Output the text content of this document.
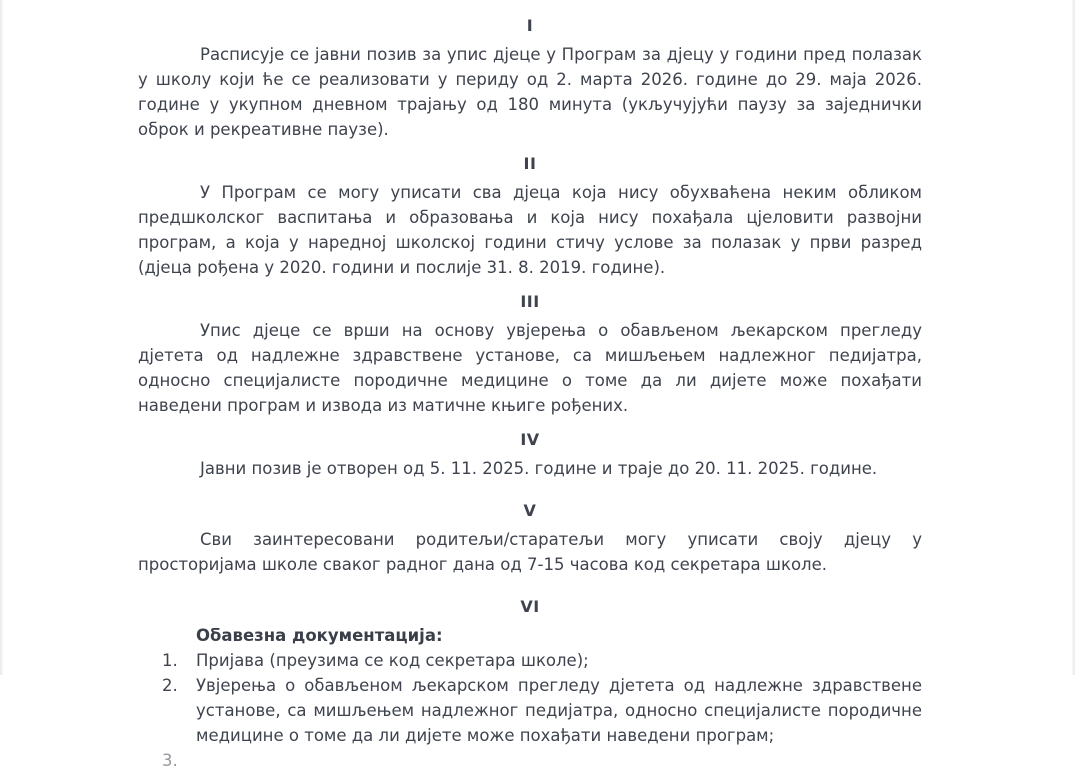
I

Расписује се јавни позив за упис дјеце у Програм за дјецу у години пред полазак у школу који ће се реализовати у периду од 2. марта 2026. године до 29. маја 2026. године у укупном дневном трајању од 180 минута (укључујући паузу за заједнички оброк и рекреативне паузе).

II

У Програм се могу уписати сва дјеца која нису обухваћена неким обликом предшколског васпитања и образовања и која нису похађала цјеловити развојни програм, а која у наредној школској години стичу услове за полазак у први разред (дјеца рођена у 2020. години и послије 31. 8. 2019. године).

III

Упис дјеце се врши на основу увјерења о обављеном љекарском прегледу дјетета од надлежне здравствене установе, са мишљењем надлежног педијатра, односно специјалисте породичне медицине о томе да ли дијете може похађати наведени програм и извода из матичне књиге рођених.

IV

Јавни позив је отворен од 5. 11. 2025. године и траје до 20. 11. 2025. године.

V

Сви заинтересовани родитељи/старатељи могу уписати своју дјецу у просторијама школе сваког радног дана од 7-15 часова код секретара школе.

VI

Обавезна документација:

1.	Пријава (преузима се код секретара школе);
2.	Увјерења о обављеном љекарском прегледу дјетета од надлежне здравствене установе, са мишљењем надлежног педијатра, односно специјалисте породичне медицине о томе да ли дијете може похађати наведени програм;
3.
